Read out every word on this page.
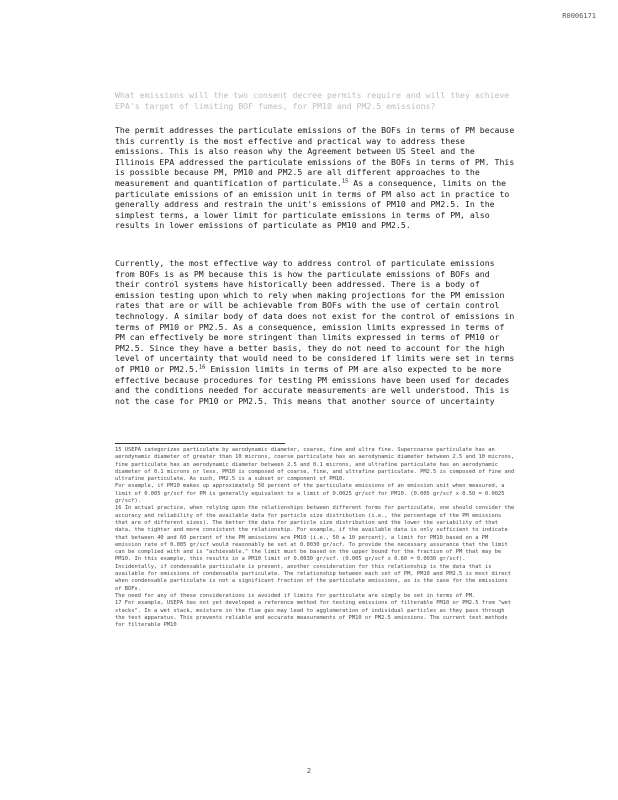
R0006171

What emissions will the two consent decree permits require and will they achieve EPA's target of limiting BOF fumes, for PM10 and PM2.5 emissions?

The permit addresses the particulate emissions of the BOFs in terms of PM because this currently is the most effective and practical way to address these emissions. This is also reason why the Agreement between US Steel and the Illinois EPA addressed the particulate emissions of the BOFs in terms of PM. This is possible because PM, PM10 and PM2.5 are all different approaches to the measurement and quantification of particulate.$^{15}$ As a consequence, limits on the particulate emissions of an emission unit in terms of PM also act in practice to generally address and restrain the unit's emissions of PM10 and PM2.5. In the simplest terms, a lower limit for particulate emissions in terms of PM, also results in lower emissions of particulate as PM10 and PM2.5.

Currently, the most effective way to address control of particulate emissions from BOFs is as PM because this is how the particulate emissions of BOFs and their control systems have historically been addressed. There is a body of emission testing upon which to rely when making projections for the PM emission rates that are or will be achievable from BOFs with the use of certain control technology. A similar body of data does not exist for the control of emissions in terms of PM10 or PM2.5. As a consequence, emission limits expressed in terms of PM can effectively be more stringent than limits expressed in terms of PM10 or PM2.5. Since they have a better basis, they do not need to account for the high level of uncertainty that would need to be considered if limits were set in terms of PM10 or PM2.5.16 Emission limits in terms of PM are also expected to be more effective because procedures for testing PM emissions have been used for decades and the conditions needed for accurate measurements are well understood. This is not the case for PM10 or PM2.5. This means that another source of uncertainty

15 USEPA categorizes particulate by aerodynamic diameter, coarse, fine and ultra fine. Supercoarse particulate has an aerodynamic diameter of greater than 10 microns, coarse particulate has an aerodynamic diameter between 2.5 and 10 microns, fine particulate has an aerodynamic diameter between 2.5 and 0.1 microns, and ultrafine particulate has an aerodynamic diameter of 0.1 microns or less. PM10 is composed of coarse, fine, and ultrafine particulate. PM2.5 is composed of fine and ultrafine particulate. As such, PM2.5 is a subset or component of PM10.

For example, if PM10 makes up approximately 50 percent of the particulate emissions of an emission unit when measured, a limit of 0.005 gr/scf for PM is generally equivalent to a limit of 0.0025 gr/scf for PM10. (0.005 gr/scf x 0.50 = 0.0025 gr/scf).

16 In actual practice, when relying upon the relationships between different forms for particulate, one should consider the accuracy and reliability of the available data for particle size distribution (i.e., the percentage of the PM emissions that are of different sizes). The better the data for particle size distribution and the lower the variability of that data, the tighter and more consistent the relationship. For example, if the available data is only sufficient to indicate that between 40 and 60 percent of the PM emissions are PM10 (i.e., 50 ± 10 percent), a limit for PM10 based on a PM emission rate of 0.005 gr/scf would reasonably be set at 0.0030 gr/scf. To provide the necessary assurance that the limit can be complied with and is "achievable," the limit must be based on the upper bound for the fraction of PM that may be PM10. In this example, this results in a PM10 limit of 0.0030 gr/scf. (0.005 gr/scf x 0.60 = 0.0030 gr/scf).

Incidentally, if condensable particulate is present, another consideration for this relationship is the data that is available for emissions of condensable particulate. The relationship between each set of PM, PM10 and PM2.5 is most direct when condensable particulate is not a significant fraction of the particulate emissions, as is the case for the emissions of BOFs.

The need for any of these considerations is avoided if limits for particulate are simply be set in terms of PM.

17 For example, USEPA has not yet developed a reference method for testing emissions of filterable PM10 or PM2.5 from "wet stacks". In a wet stack, moisture in the flue gas may lead to agglomeration of individual particles as they pass through the test apparatus. This prevents reliable and accurate measurements of PM10 or PM2.5 emissions. The current test methods for filterable PM10

2
